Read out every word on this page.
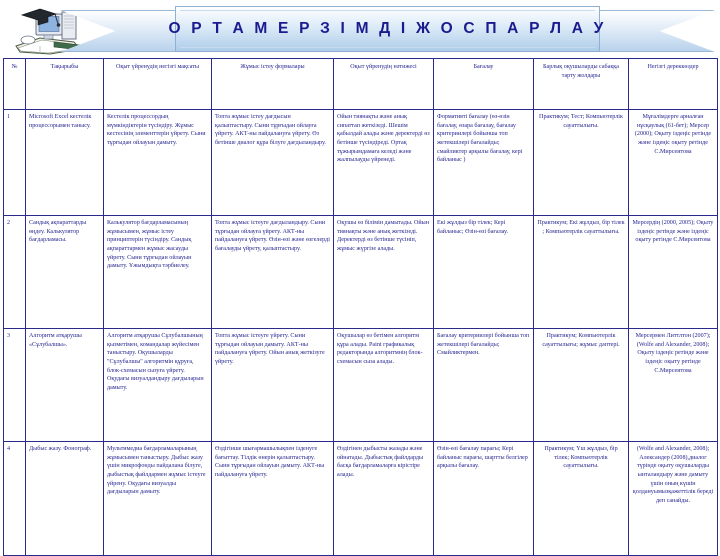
О Р Т А М Е Р З І М Д І Ж О С П А Р Л А У
№	Тақырыбы	Оқыт үйренудің негізгі мақсаты	Жұмыс істеу формалары	Оқыт үйренудің нәтижесі	Бағалау	Барлық оқушыларды сабаққа тарту жолдары	Негізгі дереккөздер
1	Microsoft Excel кестелік процессорымен танысу.	Кестелік процессордың мүмкіндіктерін түсіндіру. Жұмыс кестесінің элементтерін үйрету. Сыни тұрғыдан ойлауын дамыту.	Топта жұмыс істеу дағдысын қалыптастыру. Сыни тұрғыдан ойлауға үйрету. АКТ-ны пайдалануға үйрету. Өз бетінше диалог құра білуге дағдыландыру.	Ойын тиянақты және анық сипаттап жеткізеді. Шешім қабылдай алады және деректерді өз бетінше түсіндіреді. Ортақ тұжырымдамаға келеді және жалпылауды үйренеді.	Формативті бағалау (өз-өзін бағалау, өзара бағалау, бағалау критериилері бойынша топ жетекшілері бағалайды; смайликтер арқылы бағалау, кері байланыс )	Практикум; Тест; Компьютерлік сауаттылығы.	Мұғалімдерге арналған нұсқаулық (61-бет); Мерсер (2000); Оқыту іздеңіс ретінде және іздеңіс оқыту ретінде С.Мирсеитова
2	Сандық ақпараттарды өңдеу. Калькулятор бағдарламасы.	Калькулятор бағдарламасының жұмысымен, жұмыс істеу принциптерін түсіндіру. Сандық ақпараттармен жұмыс жасауды үйрету. Сыни тұрғыдан ойлауын дамыту. Ұжымдықта тәрбиелеу.	Топта жұмыс істеуге дағдыландыру. Сыни тұрғыдан ойлауға үйрету. АКТ-ны пайдалануға үйрету. Өзін-өзі және өзгелерді бағалауды үйрету, қалыптастыру.	Оқушы өз білімін дамытады. Ойын тиянақты және анық жеткізеді. Деректерді өз бетінше түсініп, жұмыс жүргізе алады.	Екі жұлдыз бір тілек; Кері байланыс; Өзін-өзі бағалау.	Практикум; Екі жұлдыз, бір тілек ; Компьютерлік сауаттылығы.	Мерсердің (2000, 2005); Оқыту іздеңіс ретінде және іздеңіс оқыту ретінде С.Мирсеитова
3	Алгоритм атқарушы «Сұлубалшы».	Алгоритм атқарушы Сұлубалшының қызметімен, командалар жүйесімен таныстыру. Оқушыларды "Сұлубалшы" алгоритмін құруға, блок-схемасын сызуға үйрету. Оқудағы визуалдандыру дағдыларын дамыту.	Топта жұмыс істеуге үйрету. Сыни тұрғыдан ойлауын дамыту. АКТ-ны пайдалануға үйрету. Ойын анық жеткізуге үйрету.	Оқушылар өз бетімен алгоритм құра алады. Paint графикалық редакторында алгоритмнің блок-схемасын сыза алады.	Бағалау критериилері бойынша топ жетекшілері бағалайды; Смайликтермен.	Практикум; Компьютерлік сауаттылығы; жұмыс дәптері.	Мерсермен Литтлтон (2007); (Wolfe and Alexander, 2008); Оқыту іздеңіс ретінде және іздеңіс оқыту ретінде С.Мирсеитова
4	Дыбыс жазу. Фонограф.	Мультимедиа бағдарламаларының жұмысымен таныстыру. Дыбыс жазу үшін микрофонды пайдалана білуге, дыбыстық файлдармен жұмыс істеуге үйрену. Оқудағы визуалды дағдыларын дамыту.	Өздігінше шығармашылықпен ізденуге бағыттау. Тілдік өнерін қалыптастыру. Сыни тұрғыдан ойлауын дамыту. АКТ-ны пайдалануға үйрету.	Өздігінен дыбысты жазады және ойнатады. Дыбыстық файлдарды басқа бағдарламаларға кірістіре алады.	Өзін-өзі бағалау парағы; Кері байланыс парағы, шартты белгілер арқылы бағалау.	Практикум; Үш жұлдыз, бір тілек; Компьютерлік сауаттылығы.	(Wolfe and Alexander, 2008); Александер (2008),диалог түрінде оқыту оқушыларды ынталандыру және дамыту үшін оның күшін қолдануымызқажеттілік береді деп санайды.
